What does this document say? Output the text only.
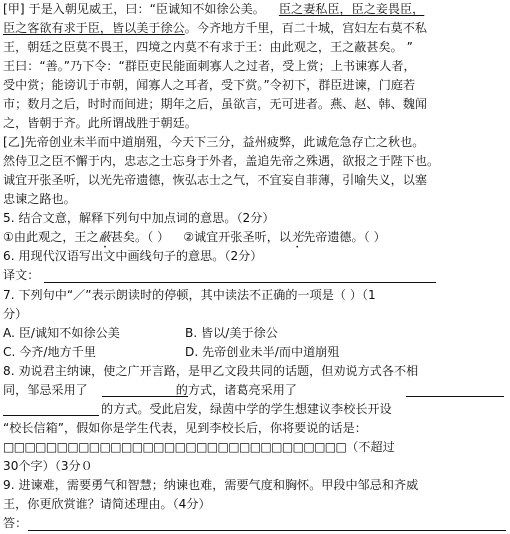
[甲] 于是入朝见威王，曰：“臣诚知不如徐公美。 臣之妻私臣，臣之妾畏臣，
臣之客欲有求于臣，皆以美于徐公。今齐地方千里，百二十城，宫妇左右莫不私
王，朝廷之臣莫不畏王，四境之内莫不有求于王：由此观之，王之蔽甚矣。 ”
王曰：“善。”乃下令：“群臣吏民能面刺寡人之过者，受上赏；上书谏寡人者，
受中赏；能谤讥于市朝，闻寡人之耳者，受下赏。”令初下，群臣进谏，门庭若
市；数月之后，时时而间进；期年之后，虽欲言，无可进者。燕、赵、韩、魏闻
之，皆朝于齐。此所谓战胜于朝廷。
[乙]先帝创业未半而中道崩殂，今天下三分，益州疲弊，此诚危急存亡之秋也。
然侍卫之臣不懈于内，忠志之士忘身于外者，盖追先帝之殊遇，欲报之于陛下也。
诚宜开张圣听，以光先帝遗德，恢弘志士之气，不宜妄自菲薄，引喻失义，以塞
忠谏之路也。
5. 结合文意，解释下列句中加点词的意思。（2分）
①由此观之，王之蔽甚矣。（ ） ②诚宜开张圣听，以光先帝遗德。（ ）
6. 用现代汉语写出文中画线句子的意思。（2分）
译文：
7. 下列句中“／”表示朗读时的停顿，其中读法不正确的一项是（ ）（1
分）
A. 臣/诚知不如徐公美	B. 皆以/美于徐公
C. 今齐/地方千里	D. 先帝创业未半/而中道崩殂
8. 劝说君主纳谏，使之广开言路，是甲乙文段共同的话题，但劝说方式各不相
同，邹忌采用了	的方式，诸葛亮采用了
的方式。受此启发，绿茵中学的学生想建议李校长开设
“校长信箱”，假如你是学生代表，见到李校长后，你将要说的话是：
□□□□□□□□□□□□□□□□□□□□□□□□□□□□□□□□（不超过
30个字）（3分０
9. 进谏难，需要勇气和智慧；纳谏也难，需要气度和胸怀。甲段中邹忌和齐威
王，你更欣赏谁？请简述理由。（4分）
答：
